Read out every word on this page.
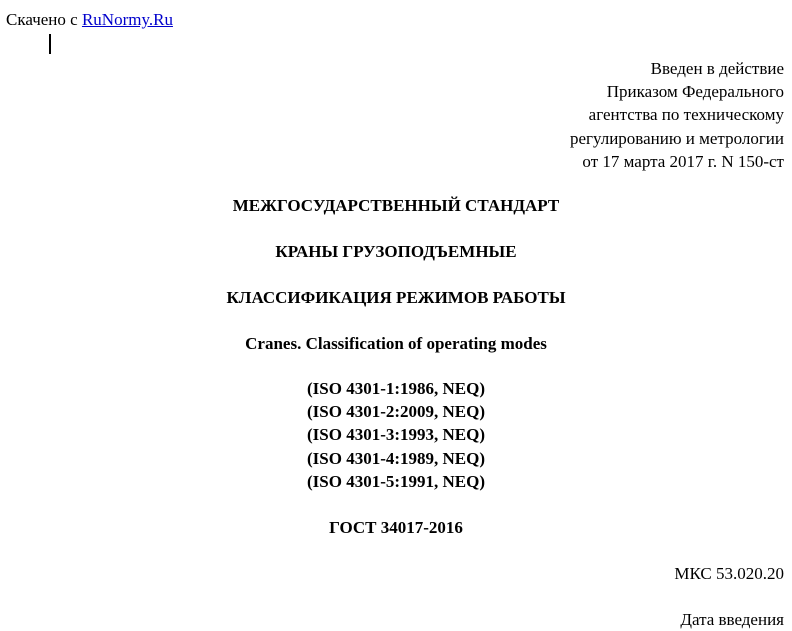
Скачено с RuNormy.Ru
Введен в действие
Приказом Федерального
агентства по техническому
регулированию и метрологии
от 17 марта 2017 г. N 150-ст
МЕЖГОСУДАРСТВЕННЫЙ СТАНДАРТ
КРАНЫ ГРУЗОПОДЪЕМНЫЕ
КЛАССИФИКАЦИЯ РЕЖИМОВ РАБОТЫ
Cranes. Classification of operating modes
(ISO 4301-1:1986, NEQ)
(ISO 4301-2:2009, NEQ)
(ISO 4301-3:1993, NEQ)
(ISO 4301-4:1989, NEQ)
(ISO 4301-5:1991, NEQ)
ГОСТ 34017-2016
МКС 53.020.20
Дата введения
